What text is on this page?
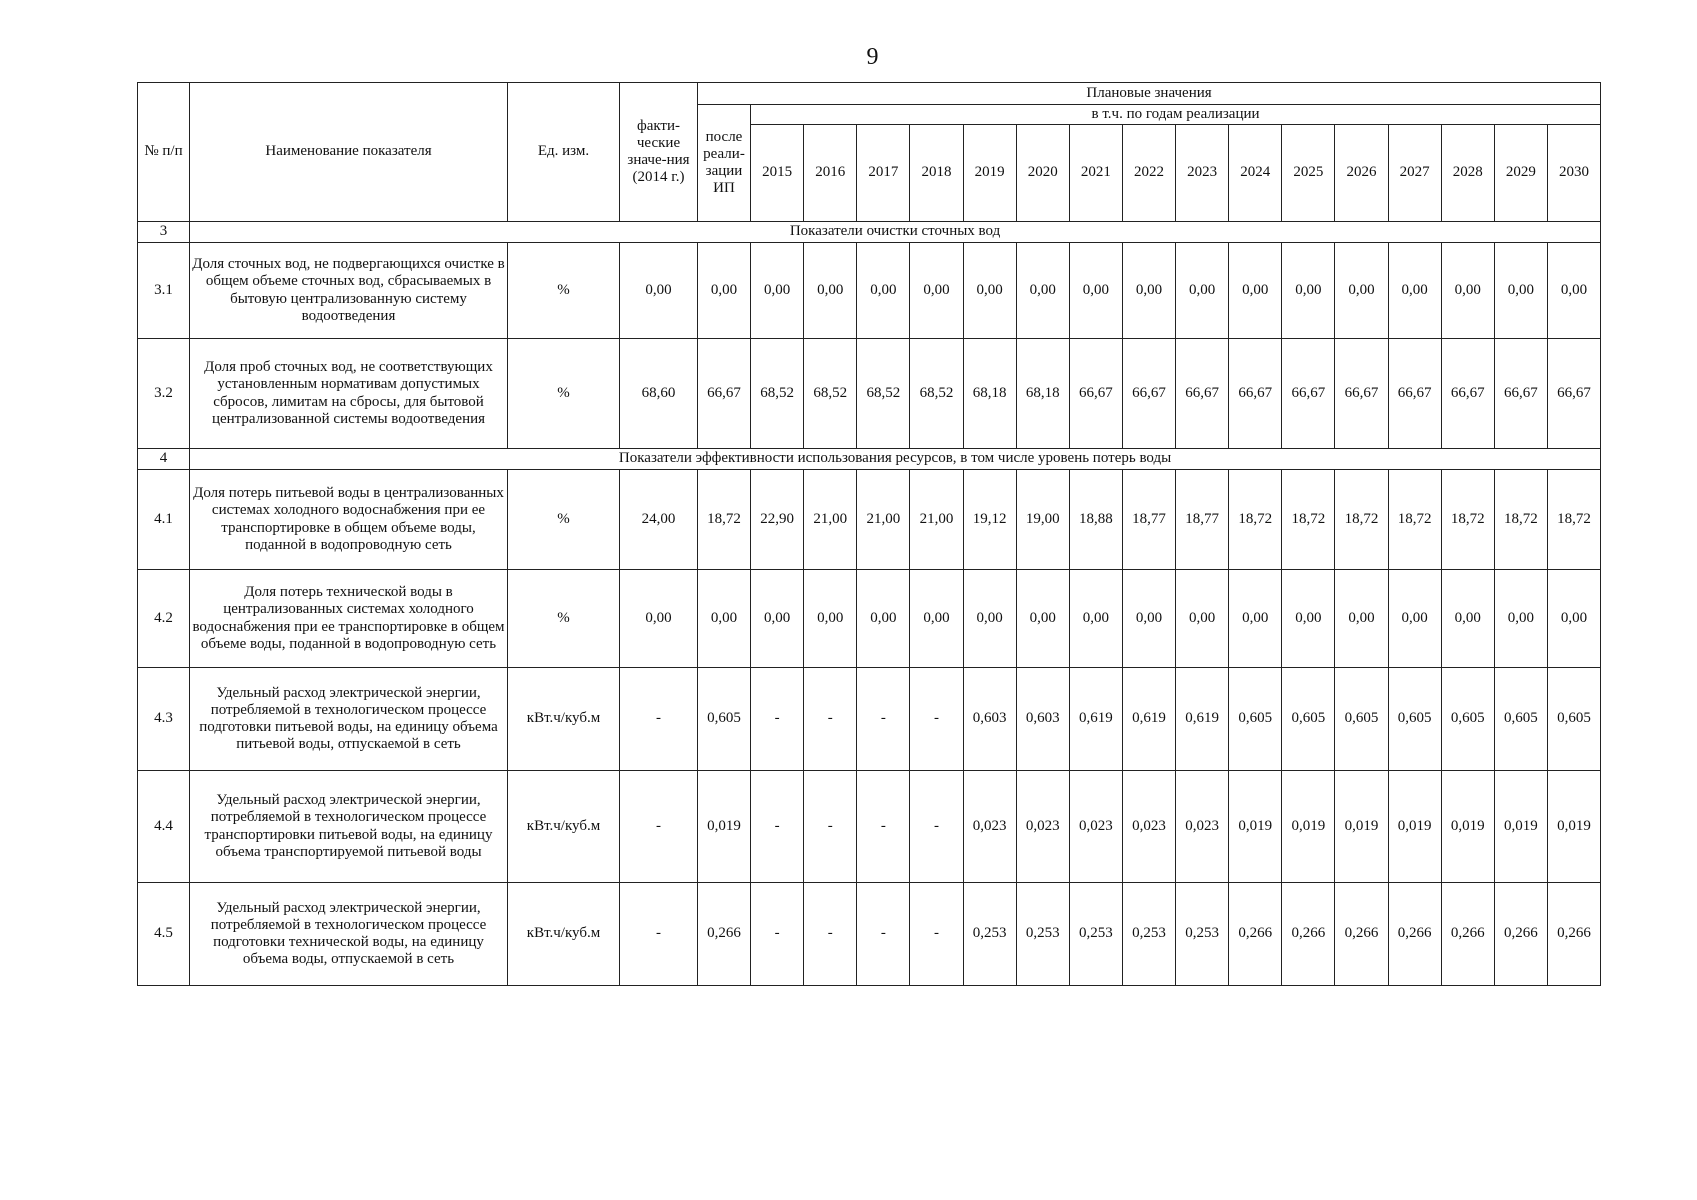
9
№ п/п	Наименование показателя	Ед. изм.	факти-ческие значе-ния (2014 г.)	Плановые значения																
				после реали-зации ИП	в т.ч. по годам реализации															
					2015	2016	2017	2018	2019	2020	2021	2022	2023	2024	2025	2026	2027	2028	2029	2030
3	Показатели очистки сточных вод																			
3.1	Доля сточных вод, не подвергающихся очистке в общем объеме сточных вод, сбрасываемых в бытовую централизованную систему водоотведения	%	0,00	0,00	0,00	0,00	0,00	0,00	0,00	0,00	0,00	0,00	0,00	0,00	0,00	0,00	0,00	0,00	0,00	0,00
3.2	Доля проб сточных вод, не соответствующих установленным нормативам допустимых сбросов, лимитам на сбросы, для бытовой централизованной системы водоотведения	%	68,60	66,67	68,52	68,52	68,52	68,52	68,18	68,18	66,67	66,67	66,67	66,67	66,67	66,67	66,67	66,67	66,67	66,67
4	Показатели эффективности использования ресурсов, в том числе уровень потерь воды																			
4.1	Доля потерь питьевой воды в централизованных системах холодного водоснабжения при ее транспортировке в общем объеме воды, поданной в водопроводную сеть	%	24,00	18,72	22,90	21,00	21,00	21,00	19,12	19,00	18,88	18,77	18,77	18,72	18,72	18,72	18,72	18,72	18,72	18,72
4.2	Доля потерь технической воды в централизованных системах холодного водоснабжения при ее транспортировке в общем объеме воды, поданной в водопроводную сеть	%	0,00	0,00	0,00	0,00	0,00	0,00	0,00	0,00	0,00	0,00	0,00	0,00	0,00	0,00	0,00	0,00	0,00	0,00
4.3	Удельный расход электрической энергии, потребляемой в технологическом процессе подготовки питьевой воды, на единицу объема питьевой воды, отпускаемой в сеть	кВт.ч/куб.м	-	0,605	-	-	-	-	0,603	0,603	0,619	0,619	0,619	0,605	0,605	0,605	0,605	0,605	0,605	0,605
4.4	Удельный расход электрической энергии, потребляемой в технологическом процессе транспортировки питьевой воды, на единицу объема транспортируемой питьевой воды	кВт.ч/куб.м	-	0,019	-	-	-	-	0,023	0,023	0,023	0,023	0,023	0,019	0,019	0,019	0,019	0,019	0,019	0,019
4.5	Удельный расход электрической энергии, потребляемой в технологическом процессе подготовки технической воды, на единицу объема воды, отпускаемой в сеть	кВт.ч/куб.м	-	0,266	-	-	-	-	0,253	0,253	0,253	0,253	0,253	0,266	0,266	0,266	0,266	0,266	0,266	0,266
